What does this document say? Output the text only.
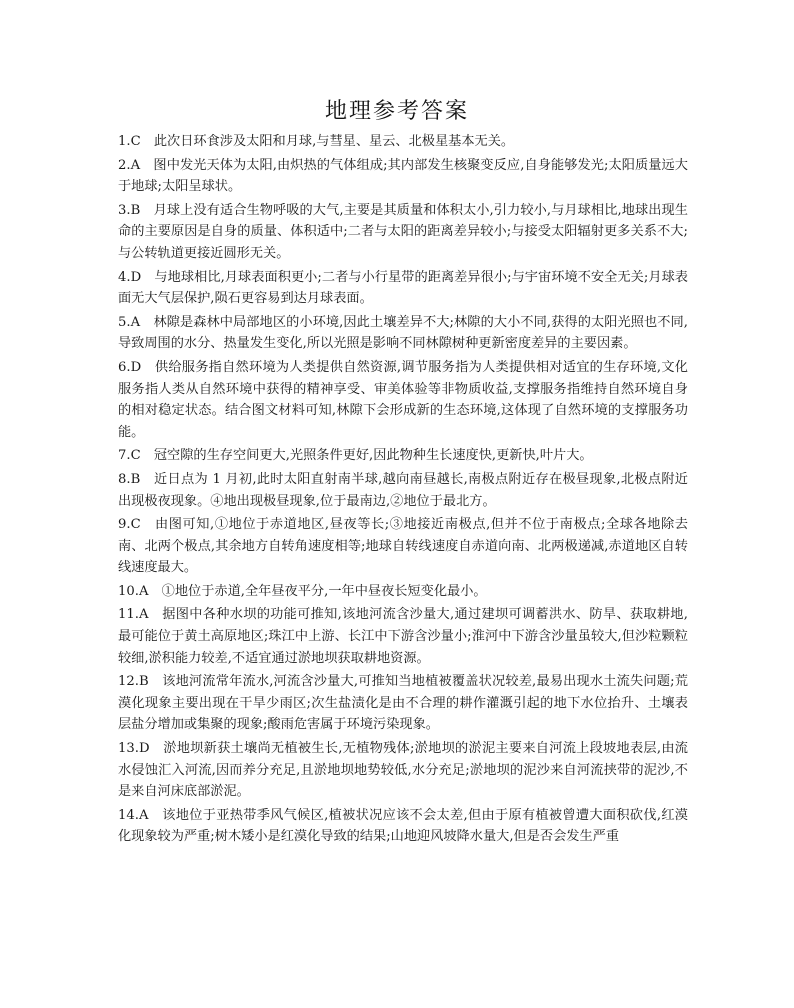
地理参考答案

1.C　此次日环食涉及太阳和月球,与彗星、星云、北极星基本无关。

2.A　图中发光天体为太阳,由炽热的气体组成;其内部发生核聚变反应,自身能够发光;太阳质量远大于地球;太阳呈球状。

3.B　月球上没有适合生物呼吸的大气,主要是其质量和体积太小,引力较小,与月球相比,地球出现生命的主要原因是自身的质量、体积适中;二者与太阳的距离差异较小;与接受太阳辐射更多关系不大;与公转轨道更接近圆形无关。

4.D　与地球相比,月球表面积更小;二者与小行星带的距离差异很小;与宇宙环境不安全无关;月球表面无大气层保护,陨石更容易到达月球表面。

5.A　林隙是森林中局部地区的小环境,因此土壤差异不大;林隙的大小不同,获得的太阳光照也不同,导致周围的水分、热量发生变化,所以光照是影响不同林隙树种更新密度差异的主要因素。

6.D　供给服务指自然环境为人类提供自然资源,调节服务指为人类提供相对适宜的生存环境,文化服务指人类从自然环境中获得的精神享受、审美体验等非物质收益,支撑服务指维持自然环境自身的相对稳定状态。结合图文材料可知,林隙下会形成新的生态环境,这体现了自然环境的支撑服务功能。

7.C　冠空隙的生存空间更大,光照条件更好,因此物种生长速度快,更新快,叶片大。

8.B　近日点为 1 月初,此时太阳直射南半球,越向南昼越长,南极点附近存在极昼现象,北极点附近出现极夜现象。④地出现极昼现象,位于最南边,②地位于最北方。

9.C　由图可知,①地位于赤道地区,昼夜等长;③地接近南极点,但并不位于南极点;全球各地除去南、北两个极点,其余地方自转角速度相等;地球自转线速度自赤道向南、北两极递减,赤道地区自转线速度最大。

10.A　①地位于赤道,全年昼夜平分,一年中昼夜长短变化最小。

11.A　据图中各种水坝的功能可推知,该地河流含沙量大,通过建坝可调蓄洪水、防旱、获取耕地,最可能位于黄土高原地区;珠江中上游、长江中下游含沙量小;淮河中下游含沙量虽较大,但沙粒颗粒较细,淤积能力较差,不适宜通过淤地坝获取耕地资源。

12.B　该地河流常年流水,河流含沙量大,可推知当地植被覆盖状况较差,最易出现水土流失问题;荒漠化现象主要出现在干旱少雨区;次生盐渍化是由不合理的耕作灌溉引起的地下水位抬升、土壤表层盐分增加或集聚的现象;酸雨危害属于环境污染现象。

13.D　淤地坝新获土壤尚无植被生长,无植物残体;淤地坝的淤泥主要来自河流上段坡地表层,由流水侵蚀汇入河流,因而养分充足,且淤地坝地势较低,水分充足;淤地坝的泥沙来自河流挟带的泥沙,不是来自河床底部淤泥。

14.A　该地位于亚热带季风气候区,植被状况应该不会太差,但由于原有植被曾遭大面积砍伐,红漠化现象较为严重;树木矮小是红漠化导致的结果;山地迎风坡降水量大,但是否会发生严重
